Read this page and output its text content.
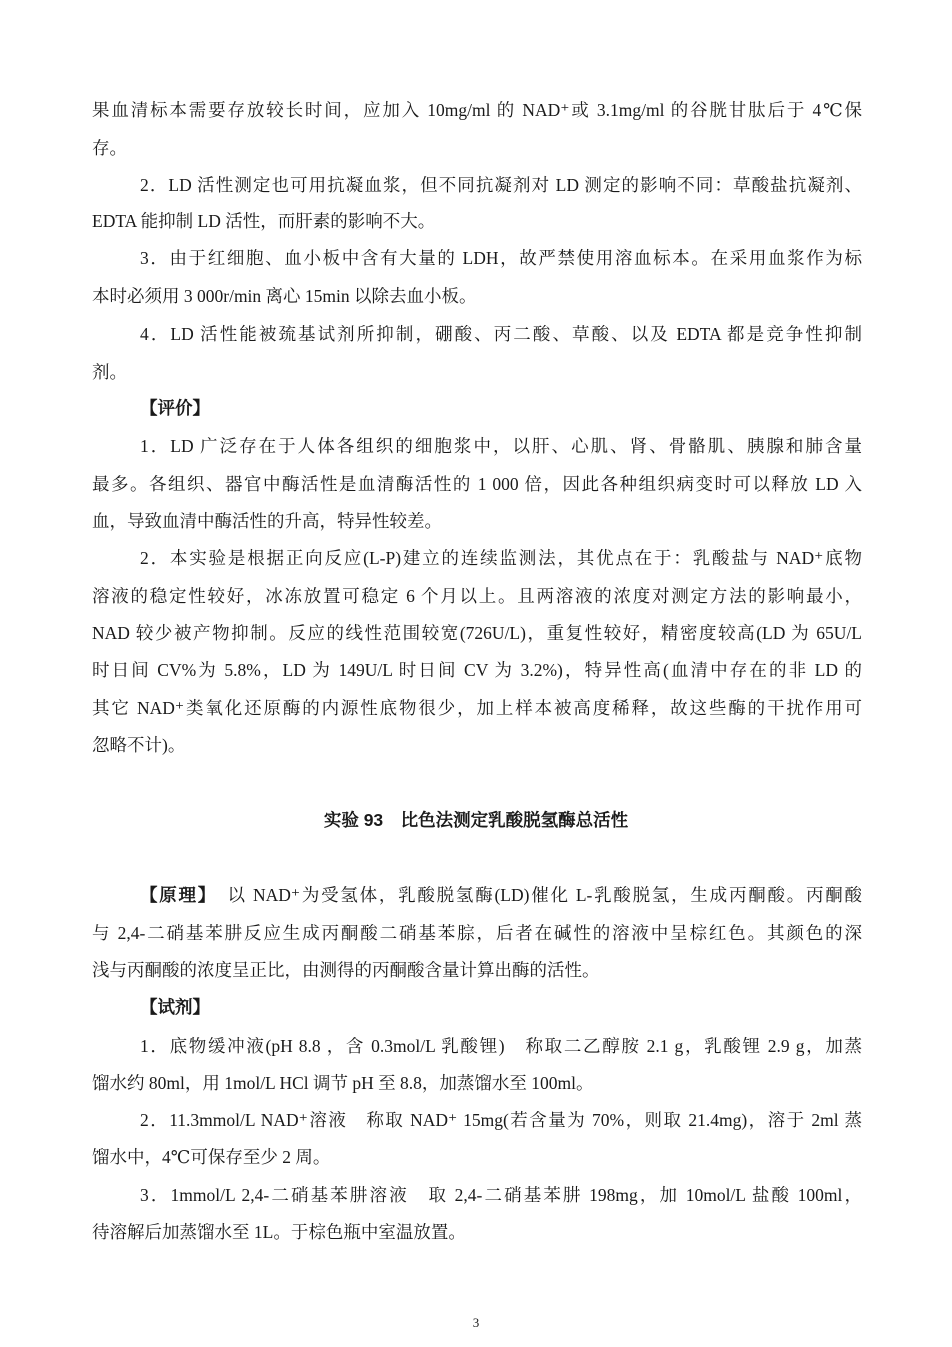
果血清标本需要存放较长时间，应加入 10mg/ml 的 NAD⁺或 3.1mg/ml 的谷胱甘肽后于 4℃保
存。
2．LD 活性测定也可用抗凝血浆，但不同抗凝剂对 LD 测定的影响不同：草酸盐抗凝剂、
EDTA 能抑制 LD 活性，而肝素的影响不大。
3．由于红细胞、血小板中含有大量的 LDH，故严禁使用溶血标本。在采用血浆作为标
本时必须用 3 000r/min 离心 15min 以除去血小板。
4．LD 活性能被巯基试剂所抑制，硼酸、丙二酸、草酸、以及 EDTA 都是竞争性抑制
剂。
【评价】
1．LD 广泛存在于人体各组织的细胞浆中，以肝、心肌、肾、骨骼肌、胰腺和肺含量
最多。各组织、器官中酶活性是血清酶活性的 1 000 倍，因此各种组织病变时可以释放 LD 入
血，导致血清中酶活性的升高，特异性较差。
2．本实验是根据正向反应(L-P)建立的连续监测法，其优点在于：乳酸盐与 NAD⁺底物
溶液的稳定性较好，冰冻放置可稳定 6 个月以上。且两溶液的浓度对测定方法的影响最小，
NAD 较少被产物抑制。反应的线性范围较宽(726U/L)，重复性较好，精密度较高(LD 为 65U/L
时日间 CV%为 5.8%，LD 为 149U/L 时日间 CV 为 3.2%)，特异性高(血清中存在的非 LD 的
其它 NAD⁺类氧化还原酶的内源性底物很少，加上样本被高度稀释，故这些酶的干扰作用可
忽略不计)。
实验 93　比色法测定乳酸脱氢酶总活性
【原理】　以 NAD⁺为受氢体，乳酸脱氢酶(LD)催化 L-乳酸脱氢，生成丙酮酸。丙酮酸
与 2,4-二硝基苯肼反应生成丙酮酸二硝基苯腙，后者在碱性的溶液中呈棕红色。其颜色的深
浅与丙酮酸的浓度呈正比，由测得的丙酮酸含量计算出酶的活性。
【试剂】
1．底物缓冲液(pH 8.8 ，含 0.3mol/L 乳酸锂)　称取二乙醇胺 2.1 g，乳酸锂 2.9 g，加蒸
馏水约 80ml，用 1mol/L HCl 调节 pH 至 8.8，加蒸馏水至 100ml。
2．11.3mmol/L NAD⁺溶液　称取 NAD⁺ 15mg(若含量为 70%，则取 21.4mg)，溶于 2ml 蒸
馏水中，4℃可保存至少 2 周。
3．1mmol/L 2,4-二硝基苯肼溶液　取 2,4-二硝基苯肼 198mg，加 10mol/L 盐酸 100ml，
待溶解后加蒸馏水至 1L。于棕色瓶中室温放置。
3
